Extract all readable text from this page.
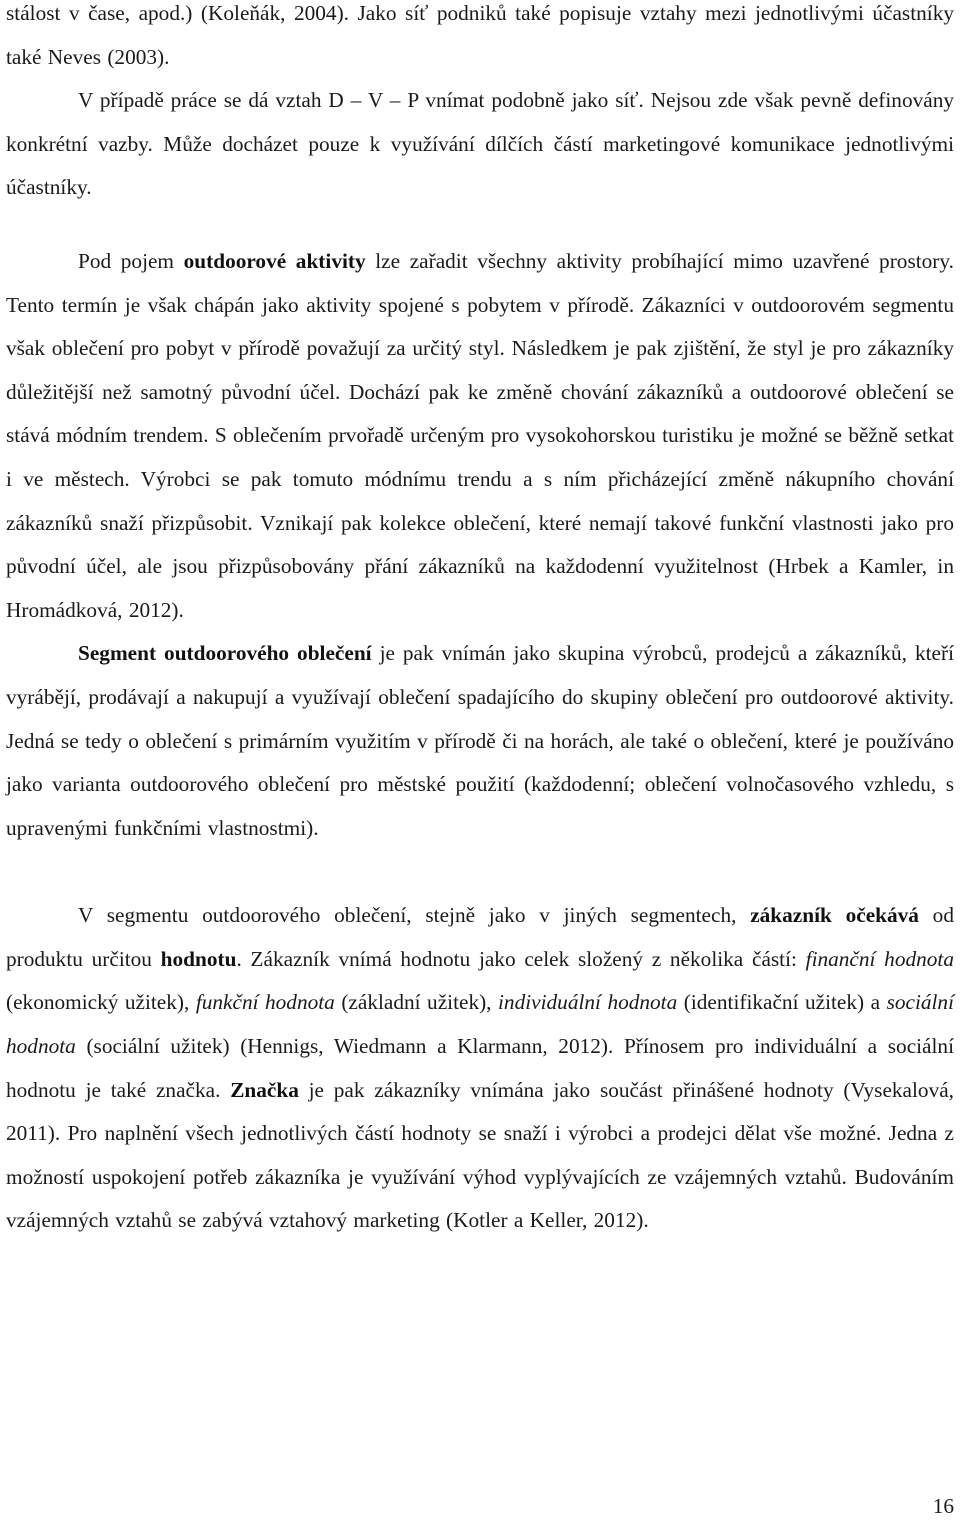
stálost v čase, apod.) (Koleňák, 2004). Jako síť podniků také popisuje vztahy mezi jednotlivými účastníky také Neves (2003).

V případě práce se dá vztah D – V – P vnímat podobně jako síť. Nejsou zde však pevně definovány konkrétní vazby. Může docházet pouze k využívání dílčích částí marketingové komunikace jednotlivými účastníky.

Pod pojem outdoorové aktivity lze zařadit všechny aktivity probíhající mimo uzavřené prostory. Tento termín je však chápán jako aktivity spojené s pobytem v přírodě. Zákazníci v outdoorovém segmentu však oblečení pro pobyt v přírodě považují za určitý styl. Následkem je pak zjištění, že styl je pro zákazníky důležitější než samotný původní účel. Dochází pak ke změně chování zákazníků a outdoorové oblečení se stává módním trendem. S oblečením prvořadě určeným pro vysokohorskou turistiku je možné se běžně setkat i ve městech. Výrobci se pak tomuto módnímu trendu a s ním přicházející změně nákupního chování zákazníků snaží přizpůsobit. Vznikají pak kolekce oblečení, které nemají takové funkční vlastnosti jako pro původní účel, ale jsou přizpůsobovány přání zákazníků na každodenní využitelnost (Hrbek a Kamler, in Hromádková, 2012).

Segment outdoorového oblečení je pak vnímán jako skupina výrobců, prodejců a zákazníků, kteří vyrábějí, prodávají a nakupují a využívají oblečení spadajícího do skupiny oblečení pro outdoorové aktivity. Jedná se tedy o oblečení s primárním využitím v přírodě či na horách, ale také o oblečení, které je používáno jako varianta outdoorového oblečení pro městské použití (každodenní; oblečení volnočasového vzhledu, s upravenými funkčními vlastnostmi).

V segmentu outdoorového oblečení, stejně jako v jiných segmentech, zákazník očekává od produktu určitou hodnotu. Zákazník vnímá hodnotu jako celek složený z několika částí: finanční hodnota (ekonomický užitek), funkční hodnota (základní užitek), individuální hodnota (identifikační užitek) a sociální hodnota (sociální užitek) (Hennigs, Wiedmann a Klarmann, 2012). Přínosem pro individuální a sociální hodnotu je také značka. Značka je pak zákazníky vnímána jako součást přinášené hodnoty (Vysekalová, 2011). Pro naplnění všech jednotlivých částí hodnoty se snaží i výrobci a prodejci dělat vše možné. Jedna z možností uspokojení potřeb zákazníka je využívání výhod vyplývajících ze vzájemných vztahů. Budováním vzájemných vztahů se zabývá vztahový marketing (Kotler a Keller, 2012).

16
